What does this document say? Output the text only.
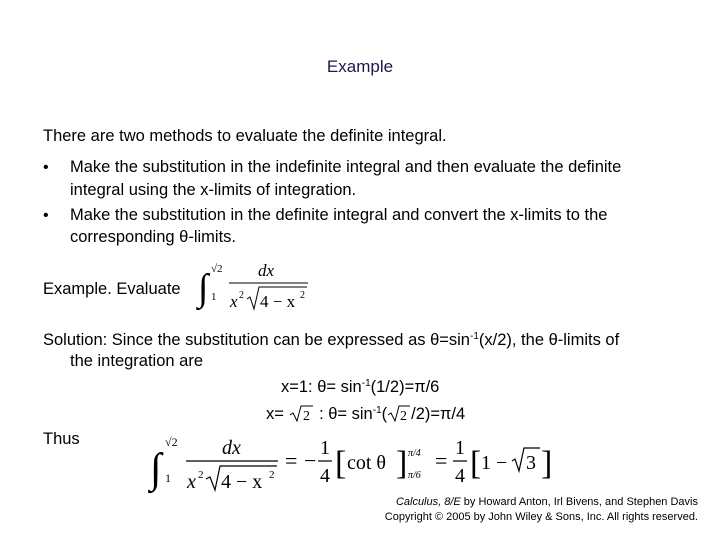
Example
There are two methods to evaluate the definite integral.
• Make the substitution in the indefinite integral and then evaluate the definite
integral using the x-limits of integration.
• Make the substitution in the definite integral and convert the x-limits to the
corresponding θ-limits.
Example. Evaluate ∫ √2
1
dx
x 2 4 − x 2
Solution: Since the substitution can be expressed as $\theta=\sin^{-1}(x/2)$, the θ-limits of
the integration are
x=1: $\theta= \sin^{-1}(1/2)=\pi/6$
x= 2 : $\theta= \sin^{-1}$( 2 /2)=π/4
Thus
∫
√2
1
dx
x 2 4 − x 2
= − 1
4 [ cot θ ] π/4
π/6
= 1
4 [ 1 − 3 ]
Calculus, 8/E by Howard Anton, Irl Bivens, and Stephen Davis
Copyright © 2005 by John Wiley & Sons, Inc. All rights reserved.
